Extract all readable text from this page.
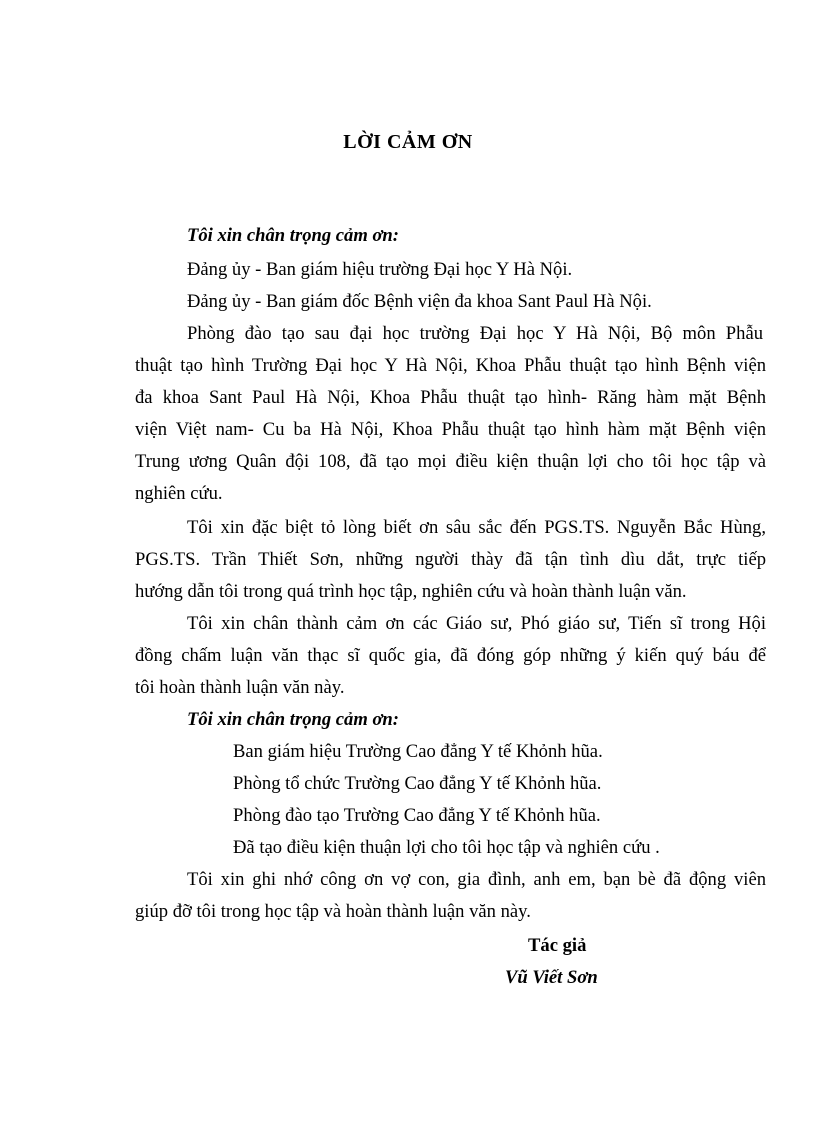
LỜI CẢM ƠN
Tôi xin chân trọng cảm ơn:
Đảng ủy - Ban giám hiệu trường Đại học Y Hà Nội.
Đảng ủy - Ban giám đốc Bệnh viện đa khoa Sant Paul Hà Nội.
Phòng đào tạo sau đại học trường Đại học Y Hà Nội, Bộ môn Phẫu
thuật tạo hình Trường Đại học Y Hà Nội, Khoa Phẫu thuật tạo hình Bệnh viện
đa khoa Sant Paul Hà Nội, Khoa Phẫu thuật tạo hình- Răng hàm mặt Bệnh
viện Việt nam- Cu ba Hà Nội, Khoa Phẫu thuật tạo hình hàm mặt Bệnh viện
Trung ương Quân đội 108, đã tạo mọi điều kiện thuận lợi cho tôi học tập và
nghiên cứu.
Tôi xin đặc biệt tỏ lòng biết ơn sâu sắc đến PGS.TS. Nguyễn Bắc Hùng,
PGS.TS. Trần Thiết Sơn, những người thày đã tận tình dìu dắt, trực tiếp
hướng dẫn tôi trong quá trình học tập, nghiên cứu và hoàn thành luận văn.
Tôi xin chân thành cảm ơn các Giáo sư, Phó giáo sư, Tiến sĩ trong Hội
đồng chấm luận văn thạc sĩ quốc gia, đã đóng góp những ý kiến quý báu để
tôi hoàn thành luận văn này.
Tôi xin chân trọng cảm ơn:
Ban giám hiệu Trường Cao đẳng Y tế Khỏnh hũa.
Phòng tổ chức Trường Cao đẳng Y tế Khỏnh hũa.
Phòng đào tạo Trường Cao đẳng Y tế Khỏnh hũa.
Đã tạo điều kiện thuận lợi cho tôi học tập và nghiên cứu .
Tôi xin ghi nhớ công ơn vợ con, gia đình, anh em, bạn bè đã động viên
giúp đỡ tôi trong học tập và hoàn thành luận văn này.
Tác giả
Vũ Viết Sơn
